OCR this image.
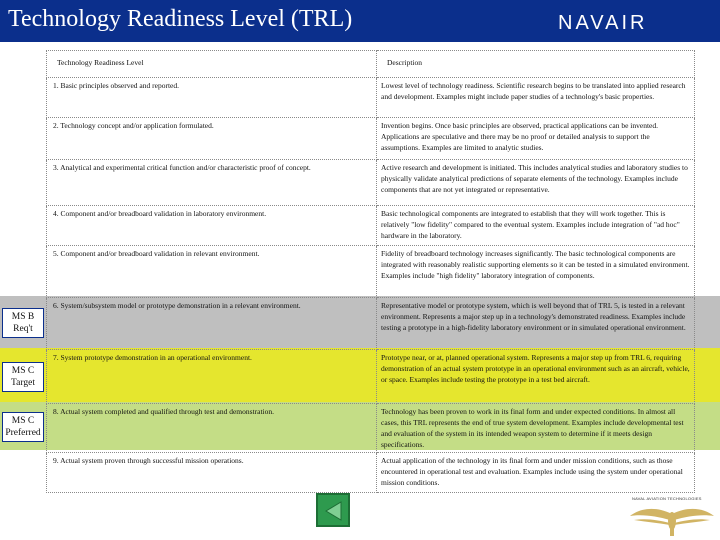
Technology Readiness Level (TRL)	NAVAIR
Technology Readiness Level	Description
1. Basic principles observed and reported.	Lowest level of technology readiness. Scientific research begins to be translated into applied research and development. Examples might include paper studies of a technology's basic properties.
2. Technology concept and/or application formulated.	Invention begins. Once basic principles are observed, practical applications can be invented. Applications are speculative and there may be no proof or detailed analysis to support the assumptions. Examples are limited to analytic studies.
3. Analytical and experimental critical function and/or characteristic proof of concept.	Active research and development is initiated. This includes analytical studies and laboratory studies to physically validate analytical predictions of separate elements of the technology. Examples include components that are not yet integrated or representative.
4. Component and/or breadboard validation in laboratory environment.	Basic technological components are integrated to establish that they will work together. This is relatively "low fidelity" compared to the eventual system. Examples include integration of "ad hoc" hardware in the laboratory.
5. Component and/or breadboard validation in relevant environment.	Fidelity of breadboard technology increases significantly. The basic technological components are integrated with reasonably realistic supporting elements so it can be tested in a simulated environment. Examples include "high fidelity" laboratory integration of components.
6. System/subsystem model or prototype demonstration in a relevant environment.	Representative model or prototype system, which is well beyond that of TRL 5, is tested in a relevant environment. Represents a major step up in a technology's demonstrated readiness. Examples include testing a prototype in a high-fidelity laboratory environment or in simulated operational environment.
7. System prototype demonstration in an operational environment.	Prototype near, or at, planned operational system. Represents a major step up from TRL 6, requiring demonstration of an actual system prototype in an operational environment such as an aircraft, vehicle, or space. Examples include testing the prototype in a test bed aircraft.
8. Actual system completed and qualified through test and demonstration.	Technology has been proven to work in its final form and under expected conditions. In almost all cases, this TRL represents the end of true system development. Examples include developmental test and evaluation of the system in its intended weapon system to determine if it meets design specifications.
9. Actual system proven through successful mission operations.	Actual application of the technology in its final form and under mission conditions, such as those encountered in operational test and evaluation. Examples include using the system under operational mission conditions.
MS B Req't
MS C Target
MS C Preferred
NAVAL AVIATION TECHNOLOGIES
